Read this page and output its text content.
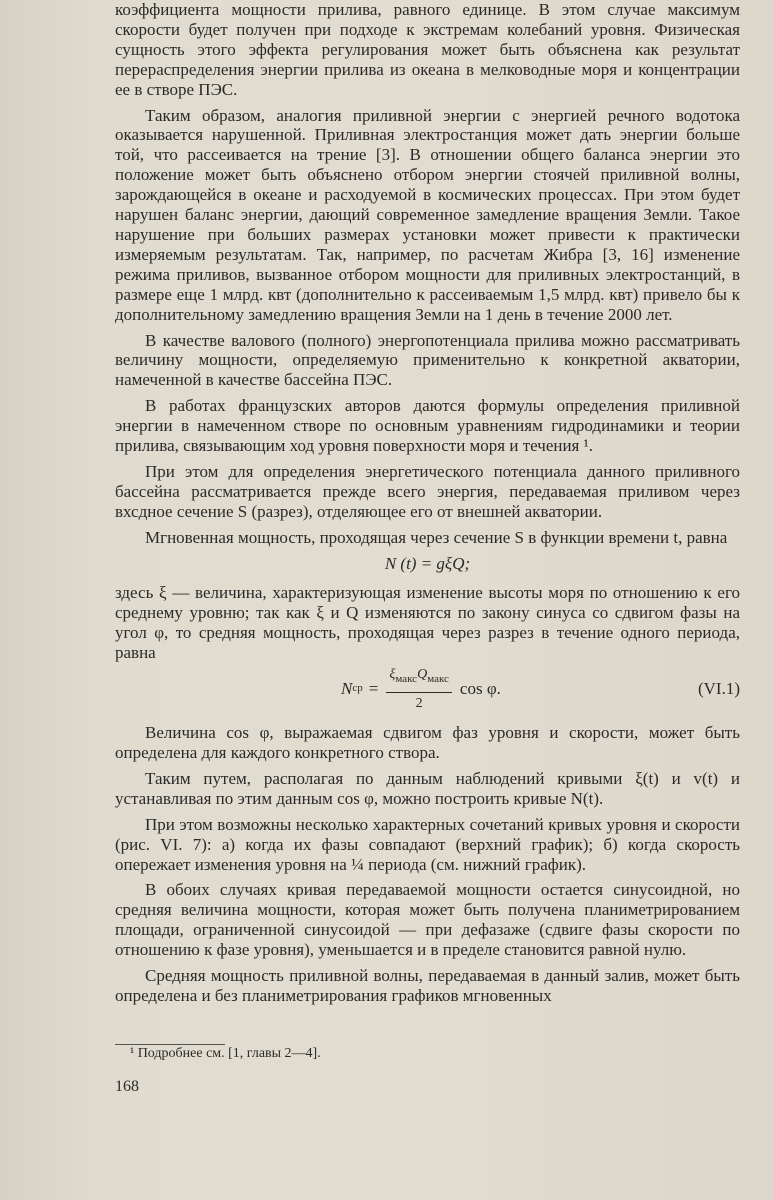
коэффициента мощности прилива, равного единице. В этом случае максимум скорости будет получен при подходе к экстремам колебаний уровня. Физическая сущность этого эффекта регулирования может быть объяснена как результат перераспределения энергии прилива из океана в мелководные моря и концентрации ее в створе ПЭС.

Таким образом, аналогия приливной энергии с энергией речного водотока оказывается нарушенной. Приливная электростанция может дать энергии больше той, что рассеивается на трение [3]. В отношении общего баланса энергии это положение может быть объяснено отбором энергии стоячей приливной волны, зарождающейся в океане и расходуемой в космических процессах. При этом будет нарушен баланс энергии, дающий современное замедление вращения Земли. Такое нарушение при больших размерах установки может привести к практически измеряемым результатам. Так, например, по расчетам Жибра [3, 16] изменение режима приливов, вызванное отбором мощности для приливных электростанций, в размере еще 1 млрд. квт (дополнительно к рассеиваемым 1,5 млрд. квт) привело бы к дополнительному замедлению вращения Земли на 1 день в течение 2000 лет.

В качестве валового (полного) энергопотенциала прилива можно рассматривать величину мощности, определяемую применительно к конкретной акватории, намеченной в качестве бассейна ПЭС.

В работах французских авторов даются формулы определения приливной энергии в намеченном створе по основным уравнениям гидродинамики и теории прилива, связывающим ход уровня поверхности моря и течения ¹.

При этом для определения энергетического потенциала данного приливного бассейна рассматривается прежде всего энергия, передаваемая приливом через вхсдное сечение S (разрез), отделяющее его от внешней акватории.

Мгновенная мощность, проходящая через сечение S в функции времени t, равна

N (t) = gξQ;

здесь ξ — величина, характеризующая изменение высоты моря по отношению к его среднему уровню; так как ξ и Q изменяются по закону синуса со сдвигом фазы на угол φ, то средняя мощность, проходящая через разрез в течение одного периода, равна

N ср = $\frac{\xi_{макс}Q_{макс}}{2}$ cos φ.	(VI.1)

Величина cos φ, выражаемая сдвигом фаз уровня и скорости, может быть определена для каждого конкретного створа.

Таким путем, располагая по данным наблюдений кривыми ξ(t) и v(t) и устанавливая по этим данным cos φ, можно построить кривые N(t).

При этом возможны несколько характерных сочетаний кривых уровня и скорости (рис. VI. 7): а) когда их фазы совпадают (верхний график); б) когда скорость опережает изменения уровня на ¼ периода (см. нижний график).

В обоих случаях кривая передаваемой мощности остается синусоидной, но средняя величина мощности, которая может быть получена планиметрированием площади, ограниченной синусоидой — при дефазаже (сдвиге фазы скорости по отношению к фазе уровня), уменьшается и в пределе становится равной нулю.

Средняя мощность приливной волны, передаваемая в данный залив, может быть определена и без планиметрирования графиков мгновенных

¹ Подробнее см. [1, главы 2—4].
168
